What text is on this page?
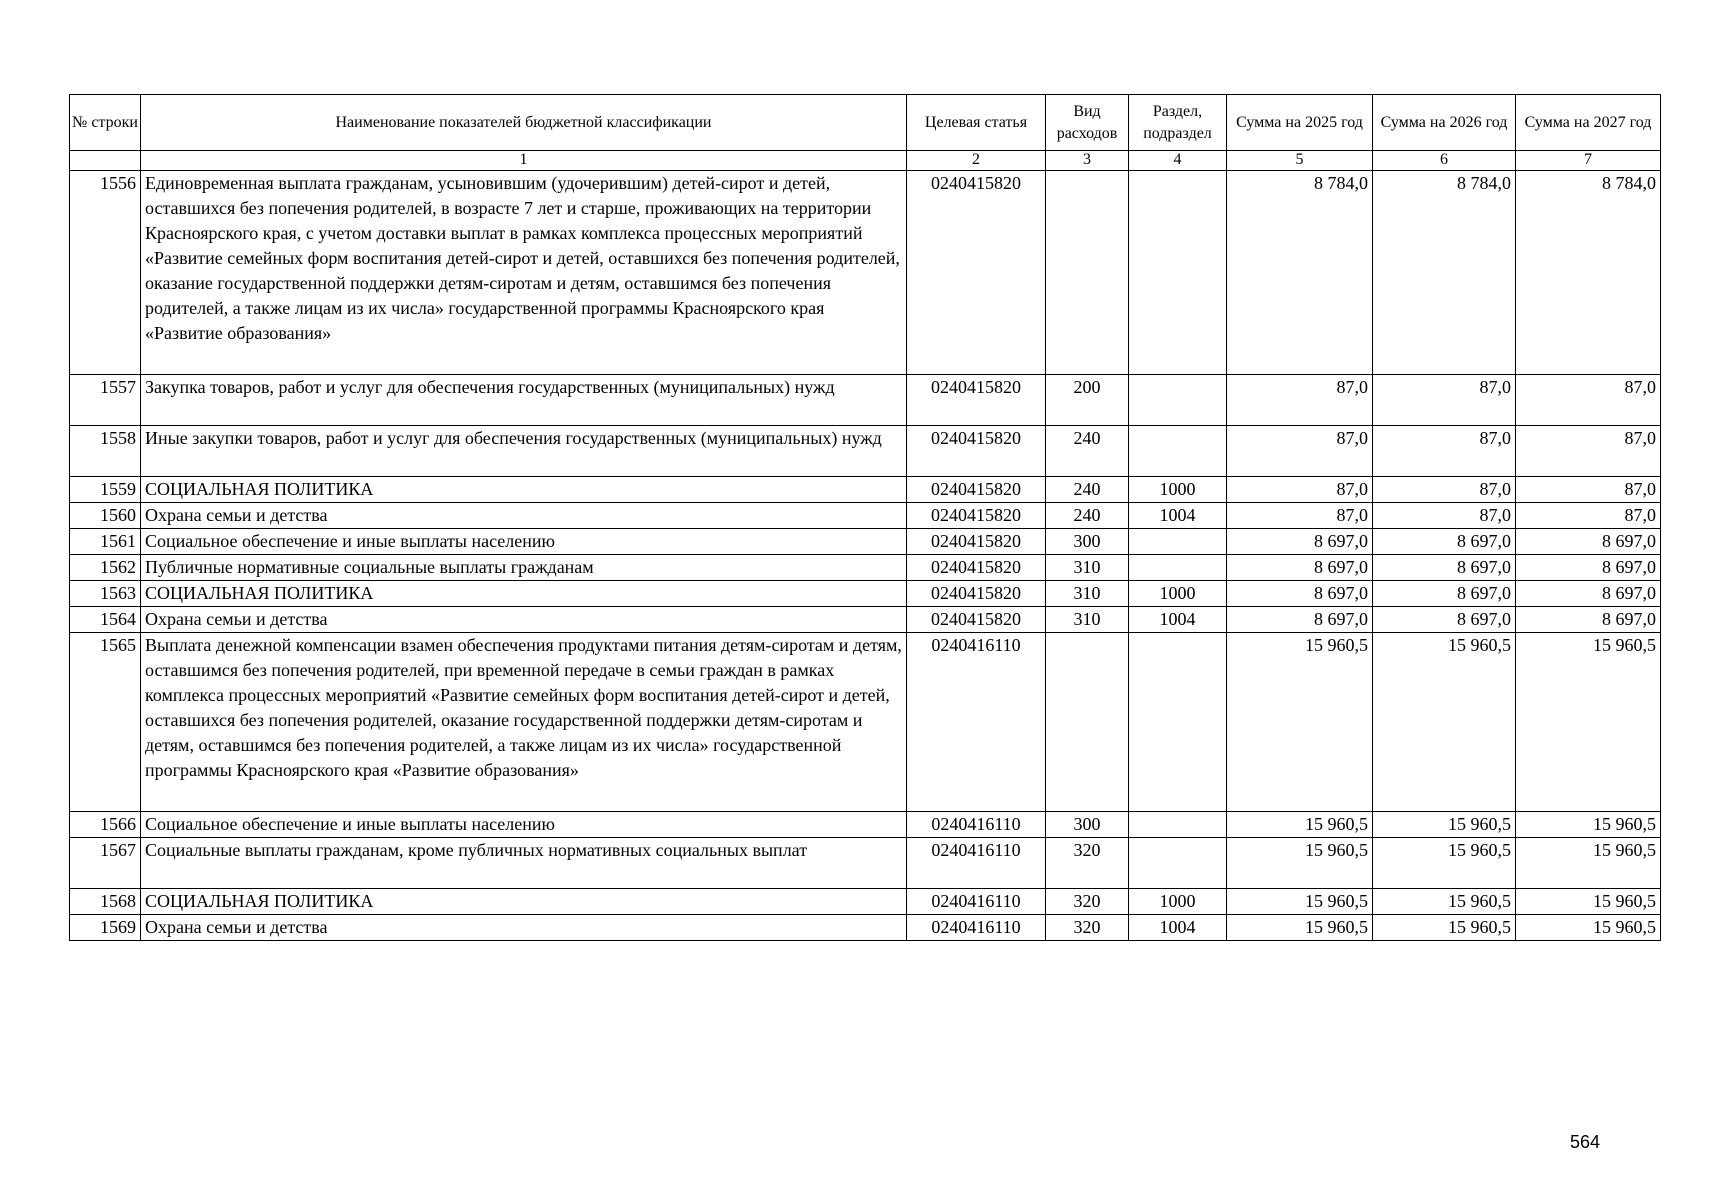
№ строки	Наименование показателей бюджетной классификации	Целевая статья	Вид расходов	Раздел, подраздел	Сумма на 2025 год	Сумма на 2026 год	Сумма на 2027 год
	1	2	3	4	5	6	7
1556	Единовременная выплата гражданам, усыновившим (удочерившим) детей-сирот и детей, оставшихся без попечения родителей, в возрасте 7 лет и старше, проживающих на территории Красноярского края, с учетом доставки выплат в рамках комплекса процессных мероприятий «Развитие семейных форм воспитания детей-сирот и детей, оставшихся без попечения родителей, оказание государственной поддержки детям-сиротам и детям, оставшимся без попечения родителей, а также лицам из их числа» государственной программы Красноярского края «Развитие образования»	0240415820			8 784,0	8 784,0	8 784,0
1557	Закупка товаров, работ и услуг для обеспечения государственных (муниципальных) нужд	0240415820	200		87,0	87,0	87,0
1558	Иные закупки товаров, работ и услуг для обеспечения государственных (муниципальных) нужд	0240415820	240		87,0	87,0	87,0
1559	СОЦИАЛЬНАЯ ПОЛИТИКА	0240415820	240	1000	87,0	87,0	87,0
1560	Охрана семьи и детства	0240415820	240	1004	87,0	87,0	87,0
1561	Социальное обеспечение и иные выплаты населению	0240415820	300		8 697,0	8 697,0	8 697,0
1562	Публичные нормативные социальные выплаты гражданам	0240415820	310		8 697,0	8 697,0	8 697,0
1563	СОЦИАЛЬНАЯ ПОЛИТИКА	0240415820	310	1000	8 697,0	8 697,0	8 697,0
1564	Охрана семьи и детства	0240415820	310	1004	8 697,0	8 697,0	8 697,0
1565	Выплата денежной компенсации взамен обеспечения продуктами питания детям-сиротам и детям, оставшимся без попечения родителей, при временной передаче в семьи граждан в рамках комплекса процессных мероприятий «Развитие семейных форм воспитания детей-сирот и детей, оставшихся без попечения родителей, оказание государственной поддержки детям-сиротам и детям, оставшимся без попечения родителей, а также лицам из их числа» государственной программы Красноярского края «Развитие образования»	0240416110			15 960,5	15 960,5	15 960,5
1566	Социальное обеспечение и иные выплаты населению	0240416110	300		15 960,5	15 960,5	15 960,5
1567	Социальные выплаты гражданам, кроме публичных нормативных социальных выплат	0240416110	320		15 960,5	15 960,5	15 960,5
1568	СОЦИАЛЬНАЯ ПОЛИТИКА	0240416110	320	1000	15 960,5	15 960,5	15 960,5
1569	Охрана семьи и детства	0240416110	320	1004	15 960,5	15 960,5	15 960,5
564
